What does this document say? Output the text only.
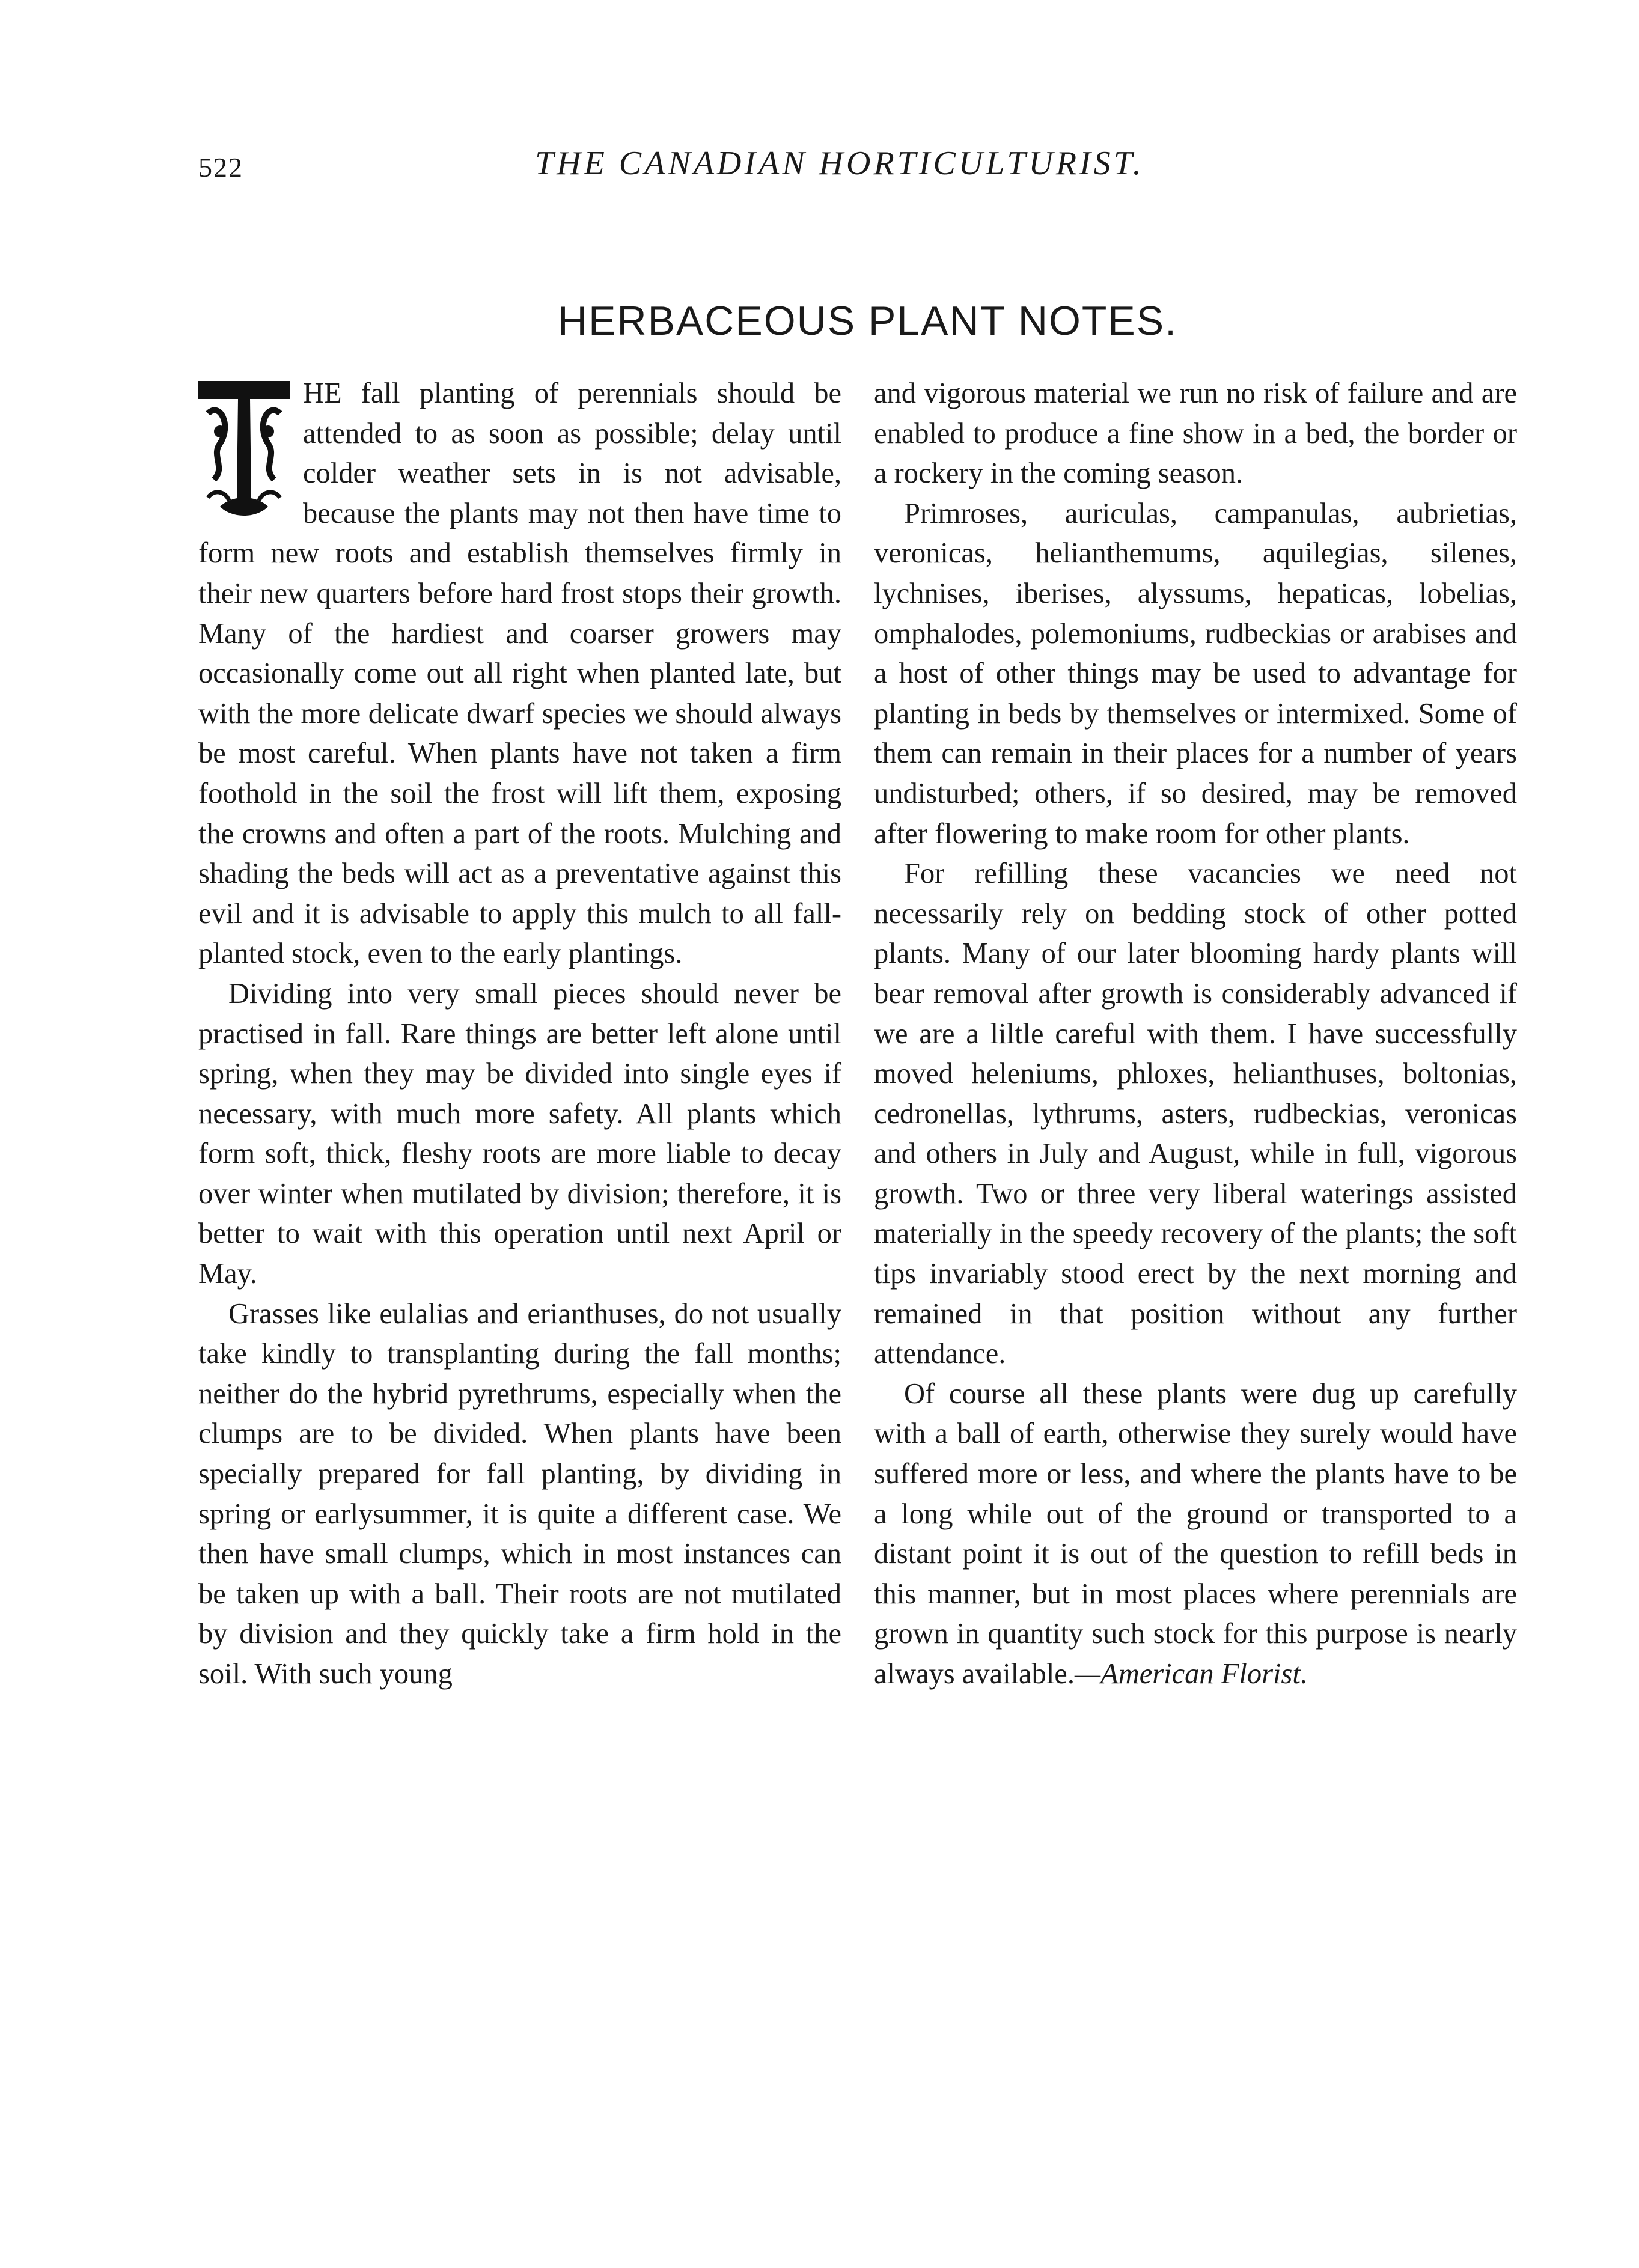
522	THE CANADIAN HORTICULTURIST.
HERBACEOUS PLANT NOTES.

HE fall planting of perennials should be attended to as soon as possible; delay until colder weather sets in is not advisable, because the plants may not then have time to form new roots and establish themselves firmly in their new quarters before hard frost stops their growth. Many of the hardiest and coarser growers may occasionally come out all right when planted late, but with the more delicate dwarf species we should always be most careful. When plants have not taken a firm foothold in the soil the frost will lift them, exposing the crowns and often a part of the roots. Mulching and shading the beds will act as a preventative against this evil and it is advisable to apply this mulch to all fall-planted stock, even to the early plantings.

Dividing into very small pieces should never be practised in fall. Rare things are better left alone until spring, when they may be divided into single eyes if necessary, with much more safety. All plants which form soft, thick, fleshy roots are more liable to decay over winter when mutilated by division; therefore, it is better to wait with this operation until next April or May.

Grasses like eulalias and erianthuses, do not usually take kindly to transplanting during the fall months; neither do the hybrid pyrethrums, especially when the clumps are to be divided. When plants have been specially prepared for fall planting, by dividing in spring or earlysummer, it is quite a different case. We then have small clumps, which in most instances can be taken up with a ball. Their roots are not mutilated by division and they quickly take a firm hold in the soil. With such young

and vigorous material we run no risk of failure and are enabled to produce a fine show in a bed, the border or a rockery in the coming season.

Primroses, auriculas, campanulas, aubrietias, veronicas, helianthemums, aquilegias, silenes, lychnises, iberises, alyssums, hepaticas, lobelias, omphalodes, polemoniums, rudbeckias or arabises and a host of other things may be used to advantage for planting in beds by themselves or intermixed. Some of them can remain in their places for a number of years undisturbed; others, if so desired, may be removed after flowering to make room for other plants.

For refilling these vacancies we need not necessarily rely on bedding stock of other potted plants. Many of our later blooming hardy plants will bear removal after growth is considerably advanced if we are a liltle careful with them. I have successfully moved heleniums, phloxes, helianthuses, boltonias, cedronellas, lythrums, asters, rudbeckias, veronicas and others in July and August, while in full, vigorous growth. Two or three very liberal waterings assisted materially in the speedy recovery of the plants; the soft tips invariably stood erect by the next morning and remained in that position without any further attendance.

Of course all these plants were dug up carefully with a ball of earth, otherwise they surely would have suffered more or less, and where the plants have to be a long while out of the ground or transported to a distant point it is out of the question to refill beds in this manner, but in most places where perennials are grown in quantity such stock for this purpose is nearly always available.—American Florist.
